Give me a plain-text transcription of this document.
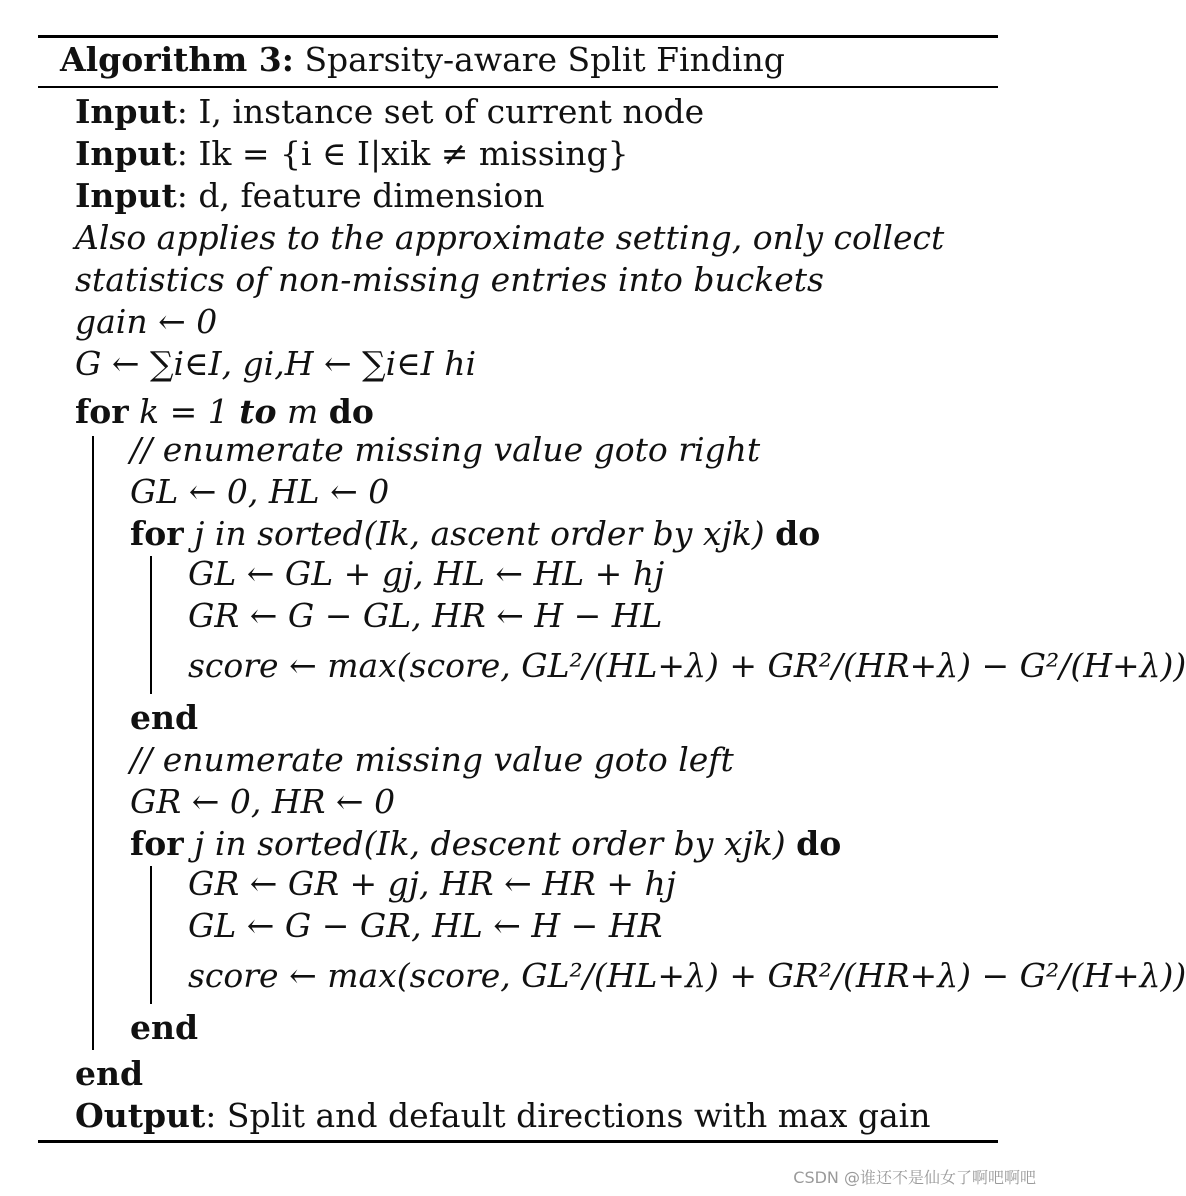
Algorithm 3: Sparsity-aware Split Finding
Input: I, instance set of current node
Input: Ik = {i ∈ I|xik ≠ missing}
Input: d, feature dimension
Also applies to the approximate setting, only collect
statistics of non-missing entries into buckets
gain ← 0
G ← ∑i∈I, gi,H ← ∑i∈I hi
for k = 1 to m do
// enumerate missing value goto right
GL ← 0, HL ← 0
for j in sorted(Ik, ascent order by xjk) do
GL ← GL + gj, HL ← HL + hj
GR ← G − GL, HR ← H − HL
score ← max(score, GL²/(HL+λ) + GR²/(HR+λ) − G²/(H+λ))
end
// enumerate missing value goto left
GR ← 0, HR ← 0
for j in sorted(Ik, descent order by xjk) do
GR ← GR + gj, HR ← HR + hj
GL ← G − GR, HL ← H − HR
score ← max(score, GL²/(HL+λ) + GR²/(HR+λ) − G²/(H+λ))
end
end
Output: Split and default directions with max gain
CSDN @谁还不是仙女了啊吧啊吧
